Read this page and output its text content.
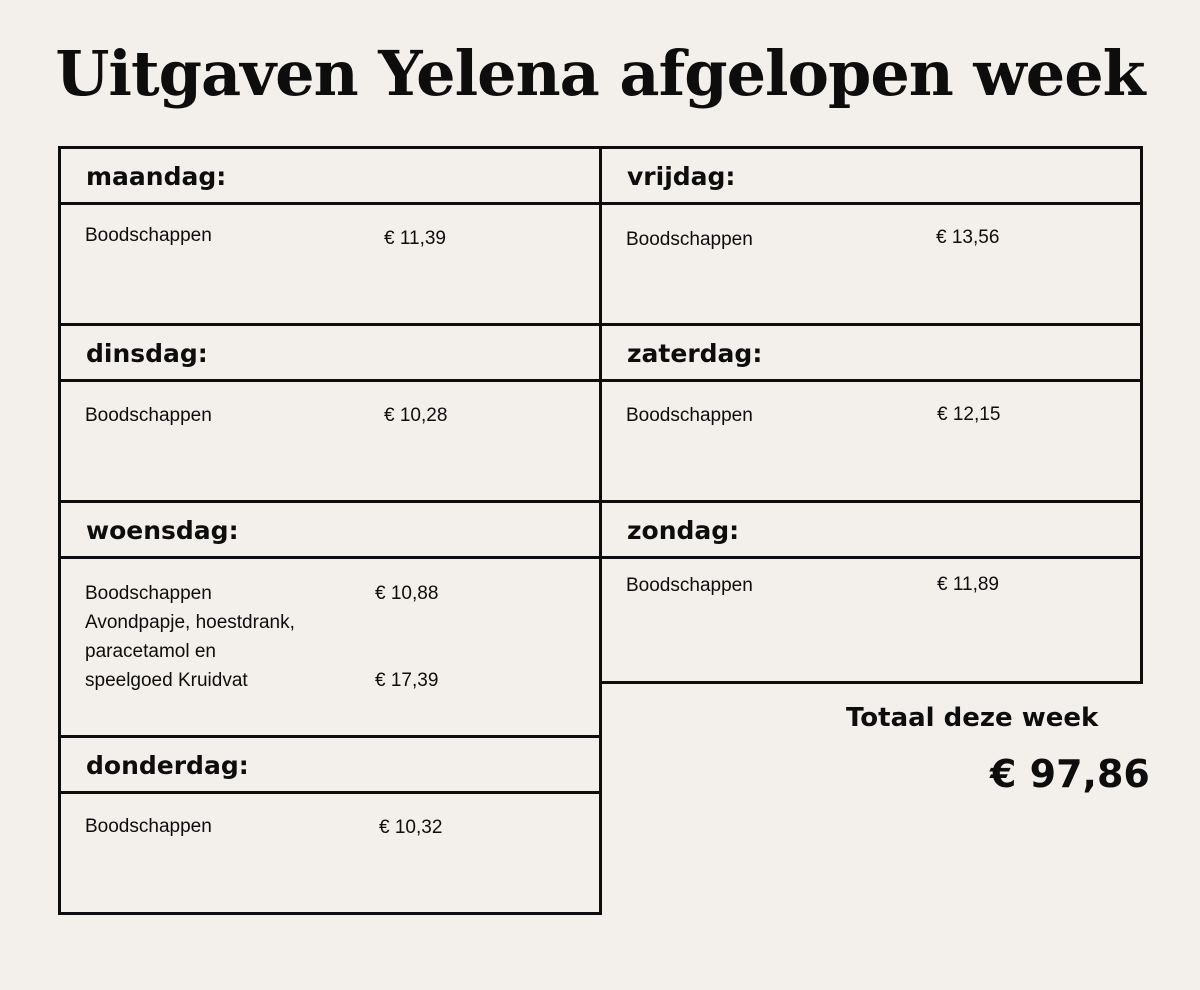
Uitgaven Yelena afgelopen week
maandag:
Boodschappen	€ 11,39
dinsdag:
Boodschappen	€ 10,28
woensdag:
Boodschappen	€ 10,88
Avondpapje, hoestdrank,
paracetamol en
speelgoed Kruidvat	€ 17,39
donderdag:
Boodschappen	€ 10,32
vrijdag:
Boodschappen	€ 13,56
zaterdag:
Boodschappen	€ 12,15
zondag:
Boodschappen	€ 11,89
Totaal deze week
€ 97,86
